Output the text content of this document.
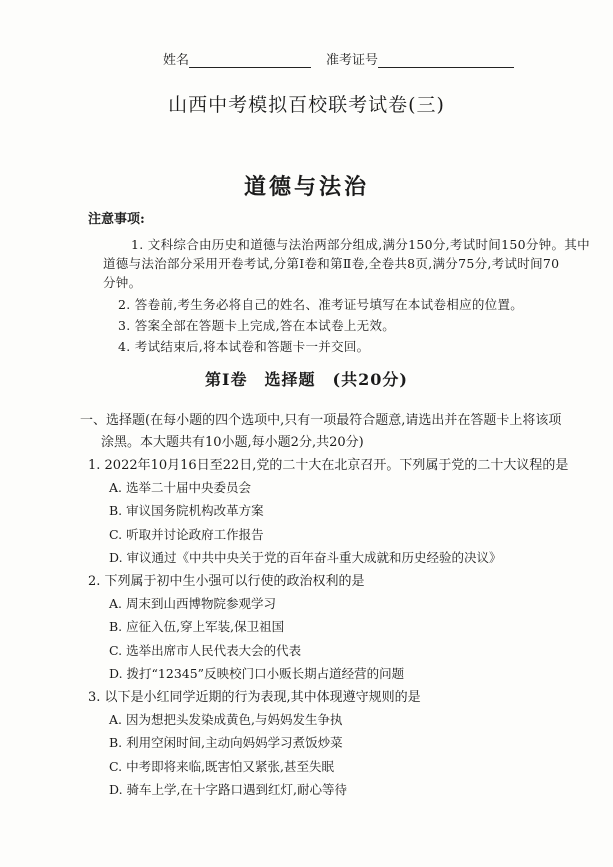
姓名	准考证号
山西中考模拟百校联考试卷(三)
道德与法治
注意事项:
1. 文科综合由历史和道德与法治两部分组成,满分150分,考试时间150分钟。其中
道德与法治部分采用开卷考试,分第Ⅰ卷和第Ⅱ卷,全卷共8页,满分75分,考试时间70
分钟。
2. 答卷前,考生务必将自己的姓名、准考证号填写在本试卷相应的位置。
3. 答案全部在答题卡上完成,答在本试卷上无效。
4. 考试结束后,将本试卷和答题卡一并交回。
第Ⅰ卷　选择题　(共20分)
一、选择题(在每小题的四个选项中,只有一项最符合题意,请选出并在答题卡上将该项
涂黑。本大题共有10小题,每小题2分,共20分)
1. 2022年10月16日至22日,党的二十大在北京召开。下列属于党的二十大议程的是
A. 选举二十届中央委员会
B. 审议国务院机构改革方案
C. 听取并讨论政府工作报告
D. 审议通过《中共中央关于党的百年奋斗重大成就和历史经验的决议》
2. 下列属于初中生小强可以行使的政治权利的是
A. 周末到山西博物院参观学习
B. 应征入伍,穿上军装,保卫祖国
C. 选举出席市人民代表大会的代表
D. 拨打“12345”反映校门口小贩长期占道经营的问题
3. 以下是小红同学近期的行为表现,其中体现遵守规则的是
A. 因为想把头发染成黄色,与妈妈发生争执
B. 利用空闲时间,主动向妈妈学习煮饭炒菜
C. 中考即将来临,既害怕又紧张,甚至失眠
D. 骑车上学,在十字路口遇到红灯,耐心等待
